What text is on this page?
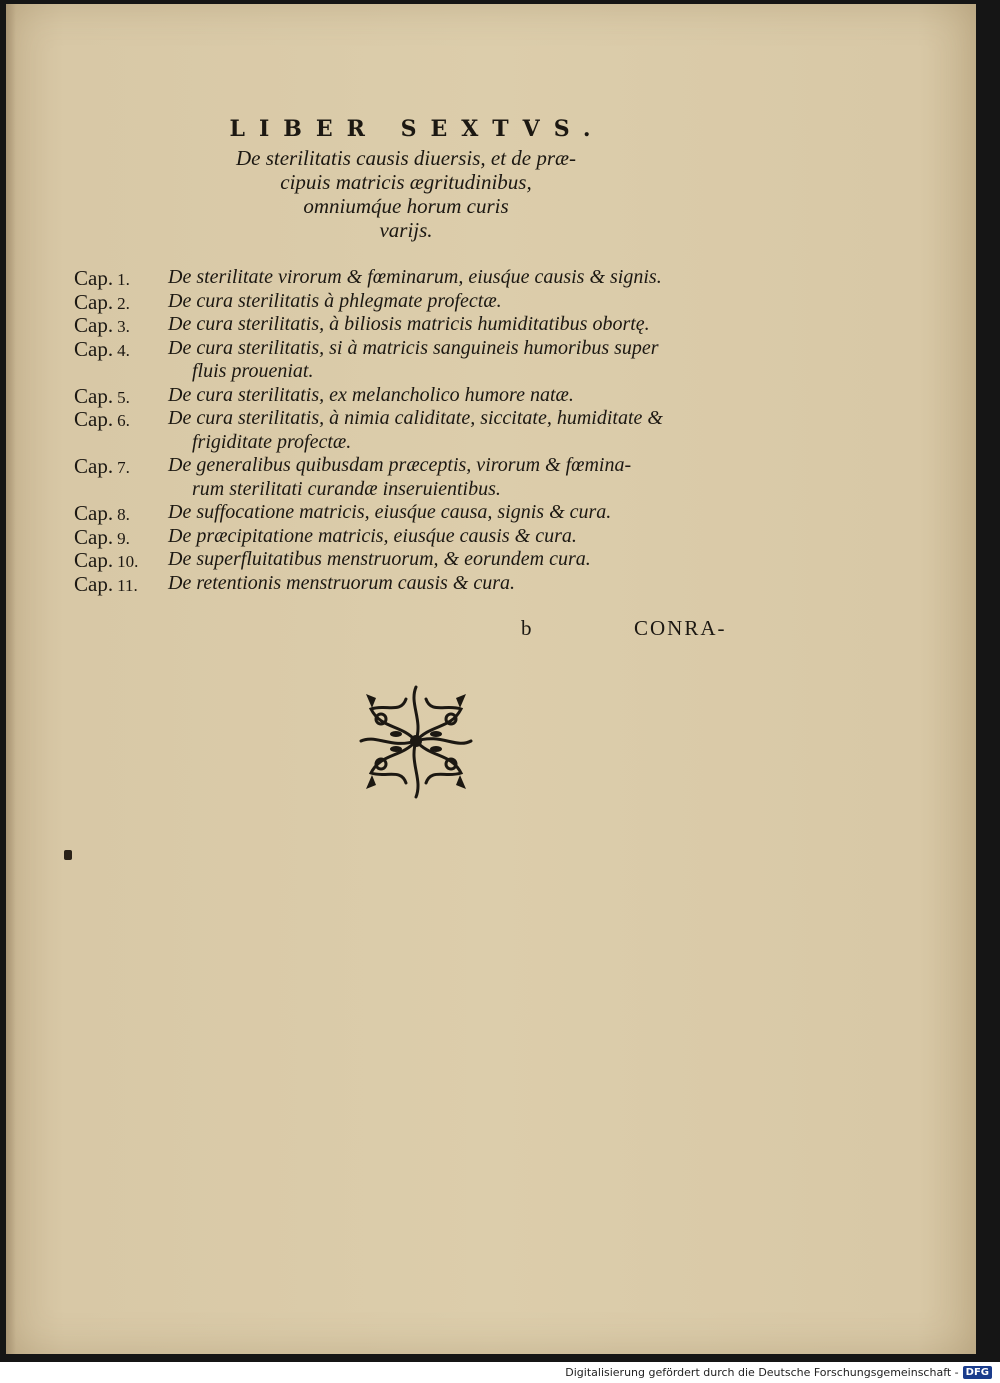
LIBER SEXTVS.
De sterilitatis causis diuersis, et de præ-
cipuis matricis ægritudinibus,
omniumq́ue horum curis
varijs.
Cap. 1.	De sterilitate virorum & fœminarum, eiusq́ue causis & signis.
Cap. 2.	De cura sterilitatis à phlegmate profectæ.
Cap. 3.	De cura sterilitatis, à biliosis matricis humiditatibus obortę.
Cap. 4.	De cura sterilitatis, si à matricis sanguineis humoribus super
fluis proueniat.
Cap. 5.	De cura sterilitatis, ex melancholico humore natæ.
Cap. 6.	De cura sterilitatis, à nimia caliditate, siccitate, humiditate &
frigiditate profectæ.
Cap. 7.	De generalibus quibusdam præceptis, virorum & fœmina-
rum sterilitati curandæ inseruientibus.
Cap. 8.	De suffocatione matricis, eiusq́ue causa, signis & cura.
Cap. 9.	De præcipitatione matricis, eiusq́ue causis & cura.
Cap. 10.	De superfluitatibus menstruorum, & eorundem cura.
Cap. 11.	De retentionis menstruorum causis & cura.
b	CONRA-
Digitalisierung gefördert durch die Deutsche Forschungsgemeinschaft - DFG
